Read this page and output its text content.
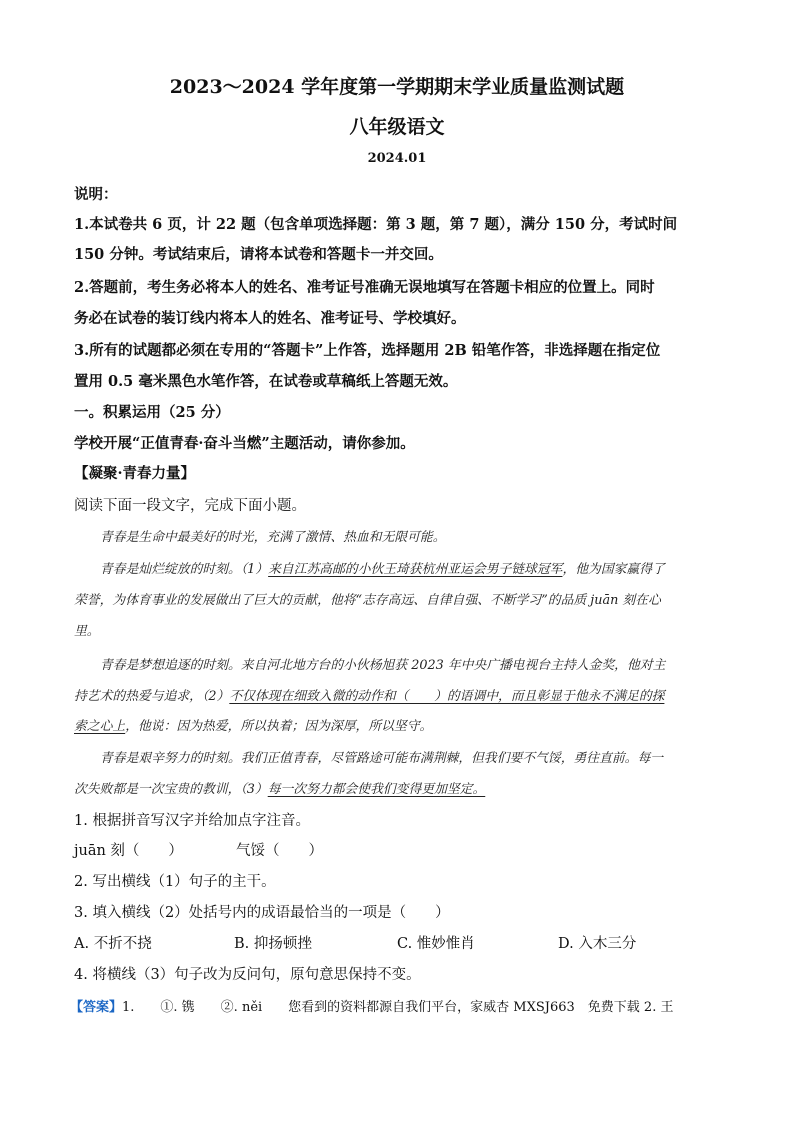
2023～2024 学年度第一学期期末学业质量监测试题
八年级语文
2024.01
说明：
1.本试卷共 6 页，计 22 题（包含单项选择题：第 3 题，第 7 题），满分 150 分，考试时间
150 分钟。考试结束后，请将本试卷和答题卡一并交回。
2.答题前，考生务必将本人的姓名、准考证号准确无误地填写在答题卡相应的位置上。同时
务必在试卷的装订线内将本人的姓名、准考证号、学校填好。
3.所有的试题都必须在专用的“答题卡”上作答，选择题用 2B 铅笔作答，非选择题在指定位
置用 0.5 毫米黑色水笔作答，在试卷或草稿纸上答题无效。
一。积累运用（25 分）
学校开展“正值青春·奋斗当燃”主题活动，请你参加。
【凝聚·青春力量】
阅读下面一段文字，完成下面小题。
青春是生命中最美好的时光，充满了激情、热血和无限可能。
青春是灿烂绽放的时刻。（1）来自江苏高邮的小伙王琦获杭州亚运会男子链球冠军，他为国家赢得了
荣誉，为体育事业的发展做出了巨大的贡献，他将“志存高远、自律自强、不断学习”的品质 juān 刻在心
里。
青春是梦想追逐的时刻。来自河北地方台的小伙杨旭获 2023 年中央广播电视台主持人金奖，他对主
持艺术的热爱与追求，（2）不仅体现在细致入微的动作和（　　）的语调中，而且彰显于他永不满足的探
索之心上，他说：因为热爱，所以执着；因为深厚，所以坚守。
青春是艰辛努力的时刻。我们正值青春，尽管路途可能布满荆棘，但我们要不气馁，勇往直前。每一
次失败都是一次宝贵的教训，（3）每一次努力都会使我们变得更加坚定。
1. 根据拼音写汉字并给加点字注音。
juān 刻（　　）	气馁（　　）
2. 写出横线（1）句子的主干。
3. 填入横线（2）处括号内的成语最恰当的一项是（　　）
A. 不折不挠	B. 抑扬顿挫	C. 惟妙惟肖	D. 入木三分
4. 将横线（3）句子改为反问句，原句意思保持不变。
【答案】1.　　①. 镌　　②. něi　　您看到的资料都源自我们平台，家威杏 MXSJ663　免费下载 2. 王
